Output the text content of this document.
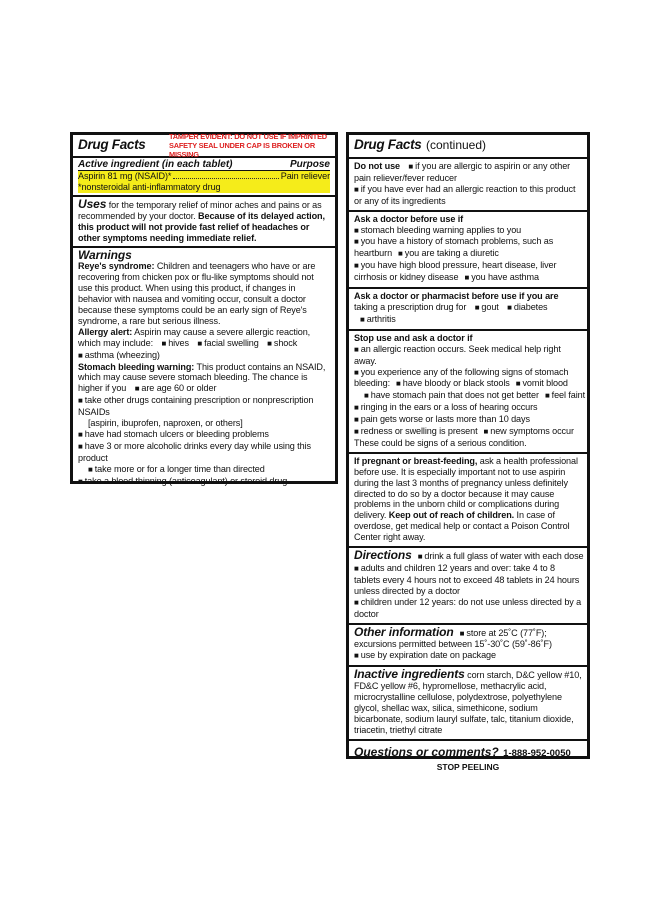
Drug Facts
TAMPER EVIDENT: DO NOT USE IF IMPRINTED
SAFETY SEAL UNDER CAP IS BROKEN OR MISSING
Active ingredient (in each tablet)	Purpose
Aspirin 81 mg (NSAID)*	Pain reliever
*nonsteroidal anti-inflammatory drug
Uses for the temporary relief of minor aches and pains or as recommended by your doctor. Because of its delayed action, this product will not provide fast relief of headaches or other symptoms needing immediate relief.
Warnings
Reye's syndrome: Children and teenagers who have or are recovering from chicken pox or flu-like symptoms should not use this product. When using this product, if changes in behavior with nausea and vomiting occur, consult a doctor because these symptoms could be an early sign of Reye's syndrome, a rare but serious illness.
Allergy alert: Aspirin may cause a severe allergic reaction, which may include: ■ hives ■ facial swelling ■ shock
■ asthma (wheezing)
Stomach bleeding warning: This product contains an NSAID, which may cause severe stomach bleeding. The chance is higher if you ■ are age 60 or older
■ take other drugs containing prescription or nonprescription NSAIDs
[aspirin, ibuprofen, naproxen, or others]
■ have had stomach ulcers or bleeding problems
■ have 3 or more alcoholic drinks every day while using this product
■ take more or for a longer time than directed
■ take a blood thinning (anticoagulant) or steroid drug
Drug Facts (continued)
Do not use ■ if you are allergic to aspirin or any other pain reliever/fever reducer
■ if you have ever had an allergic reaction to this product or any of its ingredients
Ask a doctor before use if
■ stomach bleeding warning applies to you
■ you have a history of stomach problems, such as heartburn ■ you are taking a diuretic
■ you have high blood pressure, heart disease, liver cirrhosis or kidney disease ■ you have asthma
Ask a doctor or pharmacist before use if you are taking a prescription drug for ■ gout ■ diabetes ■ arthritis
Stop use and ask a doctor if
■ an allergic reaction occurs. Seek medical help right away.
■ you experience any of the following signs of stomach bleeding: ■ have bloody or black stools ■ vomit blood
■ have stomach pain that does not get better ■ feel faint
■ ringing in the ears or a loss of hearing occurs
■ pain gets worse or lasts more than 10 days
■ redness or swelling is present ■ new symptoms occur
These could be signs of a serious condition.
If pregnant or breast-feeding, ask a health professional before use. It is especially important not to use aspirin during the last 3 months of pregnancy unless definitely directed to do so by a doctor because it may cause problems in the unborn child or complications during delivery. Keep out of reach of children. In case of overdose, get medical help or contact a Poison Control Center right away.
Directions ■ drink a full glass of water with each dose
■ adults and children 12 years and over: take 4 to 8 tablets every 4 hours not to exceed 48 tablets in 24 hours unless directed by a doctor
■ children under 12 years: do not use unless directed by a doctor
Other information ■ store at 25˚C (77˚F); excursions permitted between 15˚-30˚C (59˚-86˚F)
■ use by expiration date on package
Inactive ingredients corn starch, D&C yellow #10, FD&C yellow #6, hypromellose, methacrylic acid, microcrystalline cellulose, polydextrose, polyethylene glycol, shellac wax, silica, simethicone, sodium bicarbonate, sodium lauryl sulfate, talc, titanium dioxide, triacetin, triethyl citrate
Questions or comments? 1-888-952-0050
STOP PEELING
